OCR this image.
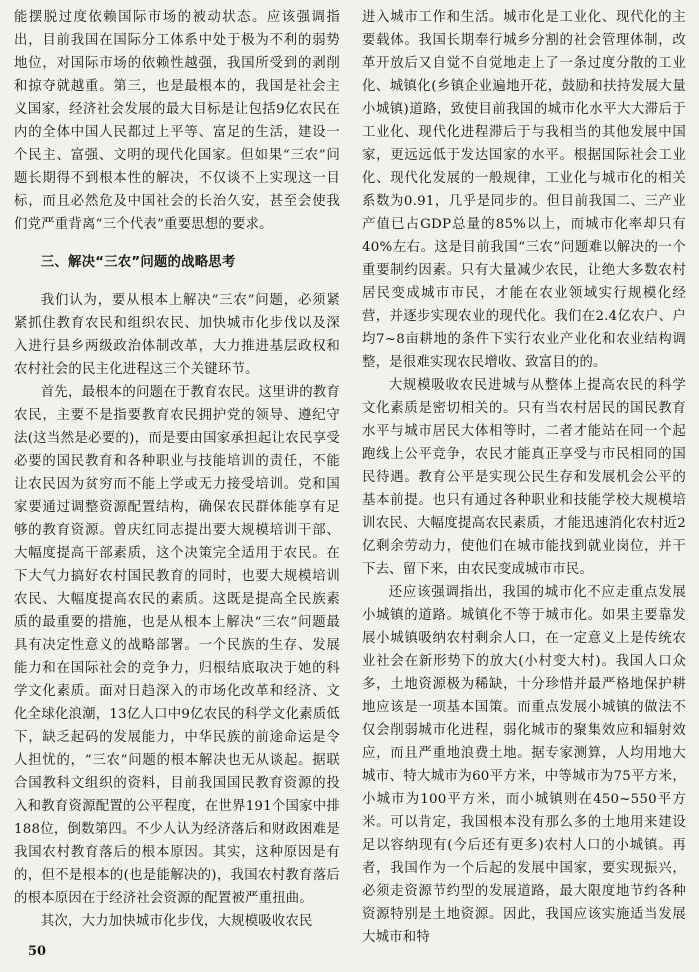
能摆脱过度依赖国际市场的被动状态。应该强调指出，目前我国在国际分工体系中处于极为不利的弱势地位，对国际市场的依赖性越强，我国所受到的剥削和掠夺就越重。第三，也是最根本的，我国是社会主义国家，经济社会发展的最大目标是让包括9亿农民在内的全体中国人民都过上平等、富足的生活，建设一个民主、富强、文明的现代化国家。但如果“三农”问题长期得不到根本性的解决，不仅谈不上实现这一目标，而且必然危及中国社会的长治久安，甚至会使我们党严重背离“三个代表”重要思想的要求。

三、解决“三农”问题的战略思考

我们认为，要从根本上解决“三农”问题，必须紧紧抓住教育农民和组织农民、加快城市化步伐以及深入进行县乡两级政治体制改革，大力推进基层政权和农村社会的民主化进程这三个关键环节。

首先，最根本的问题在于教育农民。这里讲的教育农民，主要不是指要教育农民拥护党的领导、遵纪守法(这当然是必要的)，而是要由国家承担起让农民享受必要的国民教育和各种职业与技能培训的责任，不能让农民因为贫穷而不能上学或无力接受培训。党和国家要通过调整资源配置结构，确保农民群体能享有足够的教育资源。曾庆红同志提出要大规模培训干部、大幅度提高干部素质，这个决策完全适用于农民。在下大气力搞好农村国民教育的同时，也要大规模培训农民、大幅度提高农民的素质。这既是提高全民族素质的最重要的措施，也是从根本上解决“三农”问题最具有决定性意义的战略部署。一个民族的生存、发展能力和在国际社会的竞争力，归根结底取决于她的科学文化素质。面对日趋深入的市场化改革和经济、文化全球化浪潮，13亿人口中9亿农民的科学文化素质低下，缺乏起码的发展能力，中华民族的前途命运是令人担忧的，“三农”问题的根本解决也无从谈起。据联合国教科文组织的资料，目前我国国民教育资源的投入和教育资源配置的公平程度，在世界191个国家中排188位，倒数第四。不少人认为经济落后和财政困难是我国农村教育落后的根本原因。其实，这种原因是有的，但不是根本的(也是能解决的)，我国农村教育落后的根本原因在于经济社会资源的配置被严重扭曲。

其次，大力加快城市化步伐，大规模吸收农民

进入城市工作和生活。城市化是工业化、现代化的主要载体。我国长期奉行城乡分割的社会管理体制，改革开放后又自觉不自觉地走上了一条过度分散的工业化、城镇化(乡镇企业遍地开花，鼓励和扶持发展大量小城镇)道路，致使目前我国的城市化水平大大滞后于工业化、现代化进程滞后于与我相当的其他发展中国家，更远远低于发达国家的水平。根据国际社会工业化、现代化发展的一般规律，工业化与城市化的相关系数为0.91，几乎是同步的。但目前我国二、三产业产值已占GDP总量的85%以上，而城市化率却只有40%左右。这是目前我国“三农”问题难以解决的一个重要制约因素。只有大量减少农民，让绝大多数农村居民变成城市市民，才能在农业领域实行规模化经营，并逐步实现农业的现代化。我们在2.4亿农户、户均7~8亩耕地的条件下实行农业产业化和农业结构调整，是很难实现农民增收、致富目的的。

大规模吸收农民进城与从整体上提高农民的科学文化素质是密切相关的。只有当农村居民的国民教育水平与城市居民大体相等时，二者才能站在同一个起跑线上公平竞争，农民才能真正享受与市民相同的国民待遇。教育公平是实现公民生存和发展机会公平的基本前提。也只有通过各种职业和技能学校大规模培训农民、大幅度提高农民素质，才能迅速消化农村近2亿剩余劳动力，使他们在城市能找到就业岗位，并干下去、留下来，由农民变成城市市民。

还应该强调指出，我国的城市化不应走重点发展小城镇的道路。城镇化不等于城市化。如果主要靠发展小城镇吸纳农村剩余人口，在一定意义上是传统农业社会在新形势下的放大(小村变大村)。我国人口众多，土地资源极为稀缺，十分珍惜并最严格地保护耕地应该是一项基本国策。而重点发展小城镇的做法不仅会削弱城市化进程，弱化城市的聚集效应和辐射效应，而且严重地浪费土地。据专家测算，人均用地大城市、特大城市为60平方米，中等城市为75平方米，小城市为100平方米，而小城镇则在450~550平方米。可以肯定，我国根本没有那么多的土地用来建设足以容纳现有(今后还有更多)农村人口的小城镇。再者，我国作为一个后起的发展中国家，要实现振兴，必须走资源节约型的发展道路，最大限度地节约各种资源特别是土地资源。因此，我国应该实施适当发展大城市和特

50
